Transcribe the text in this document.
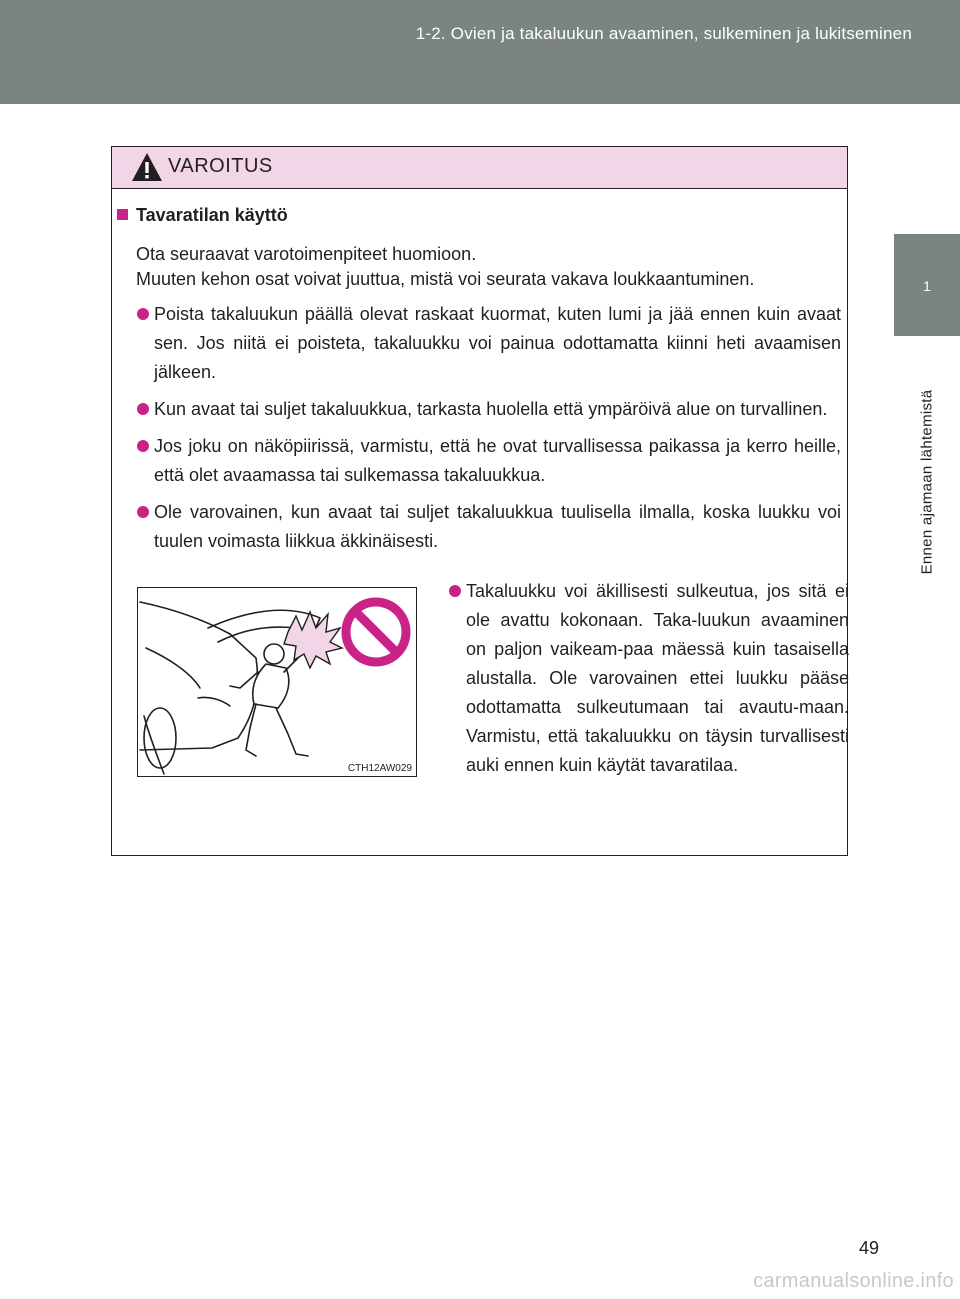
1-2. Ovien ja takaluukun avaaminen, sulkeminen ja lukitseminen
1
Ennen ajamaan lähtemistä
VAROITUS
Tavaratilan käyttö
Ota seuraavat varotoimenpiteet huomioon.
Muuten kehon osat voivat juuttua, mistä voi seurata vakava loukkaantuminen.
Poista takaluukun päällä olevat raskaat kuormat, kuten lumi ja jää ennen kuin avaat sen. Jos niitä ei poisteta, takaluukku voi painua odottamatta kiinni heti avaamisen jälkeen.
Kun avaat tai suljet takaluukkua, tarkasta huolella että ympäröivä alue on turvallinen.
Jos joku on näköpiirissä, varmistu, että he ovat turvallisessa paikassa ja kerro heille, että olet avaamassa tai sulkemassa takaluukkua.
Ole varovainen, kun avaat tai suljet takaluukkua tuulisella ilmalla, koska luukku voi tuulen voimasta liikkua äkkinäisesti.
CTH12AW029
Takaluukku voi äkillisesti sulkeutua, jos sitä ei ole avattu kokonaan. Taka-luukun avaaminen on paljon vaikeam-paa mäessä kuin tasaisella alustalla. Ole varovainen ettei luukku pääse odottamatta sulkeutumaan tai avautu-maan. Varmistu, että takaluukku on täysin turvallisesti auki ennen kuin käytät tavaratilaa.
49
carmanualsonline.info
